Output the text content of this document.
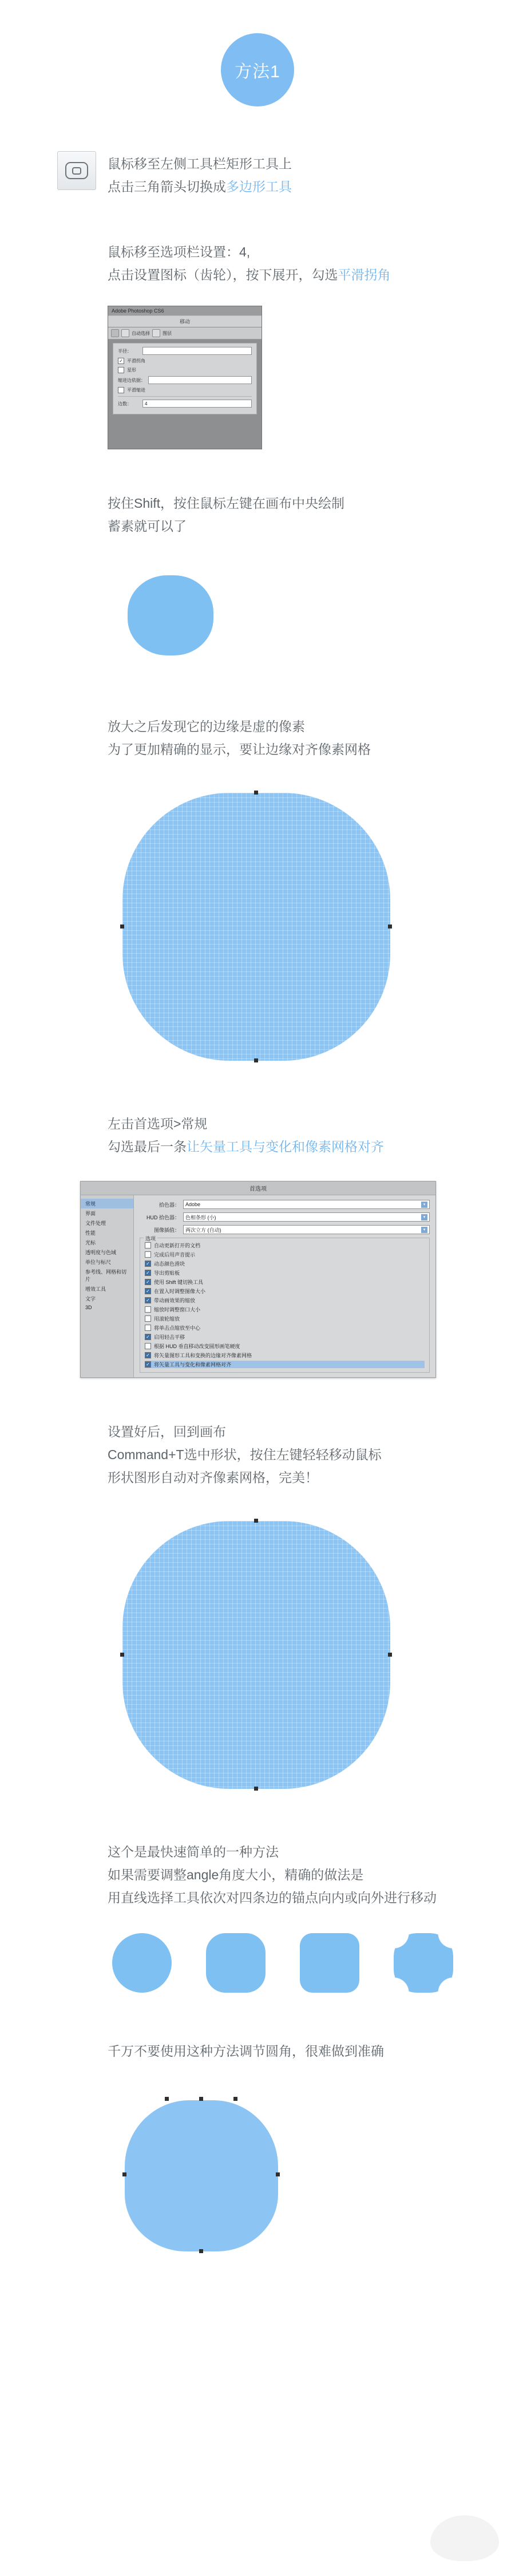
方法1
鼠标移至左侧工具栏矩形工具上
点击三角箭头切换成多边形工具
鼠标移至选项栏设置：4,
点击设置图标（齿轮），按下展开，勾选平滑拐角
Adobe Photoshop CS6
移动
自动选择	图层
半径：
✓
平滑拐角
星形
缩进边依据：
平滑缩进
边数：	4
按住Shift，按住鼠标左键在画布中央绘制
蓄素就可以了
放大之后发现它的边缘是虚的像素
为了更加精确的显示，要让边缘对齐像素网格
左击首选项>常规
勾选最后一条让矢量工具与变化和像素网格对齐
首选项
常规
界面
文件处理
性能
光标
透明度与色域
单位与标尺
参考线、网格和切片
增效工具
文字
3D
拾色器： Adobe	▾
HUD 拾色器： 色相条形 (小)	▾
图像插值： 两次立方 (自动)	▾
选项
自动更新打开的文档
完成后用声音提示
✓
动态颜色滑块
✓
导出剪贴板
✓
使用 Shift 键切换工具
✓
在置入时调整图像大小
✓
带动画效果的缩放
缩放时调整窗口大小
用滚轮缩放
将单击点缩放至中心
✓
启用轻击平移
根据 HUD 垂直移动改变圆形画笔硬度
✓
将矢量图形工具和变换的边缘对齐像素网格
✓
将矢量工具与变化和像素网格对齐
设置好后，回到画布
Command+T选中形状，按住左键轻轻移动鼠标
形状图形自动对齐像素网格，完美！
这个是最快速简单的一种方法
如果需要调整angle角度大小，精确的做法是
用直线选择工具依次对四条边的锚点向内或向外进行移动
千万不要使用这种方法调节圆角，很难做到准确
